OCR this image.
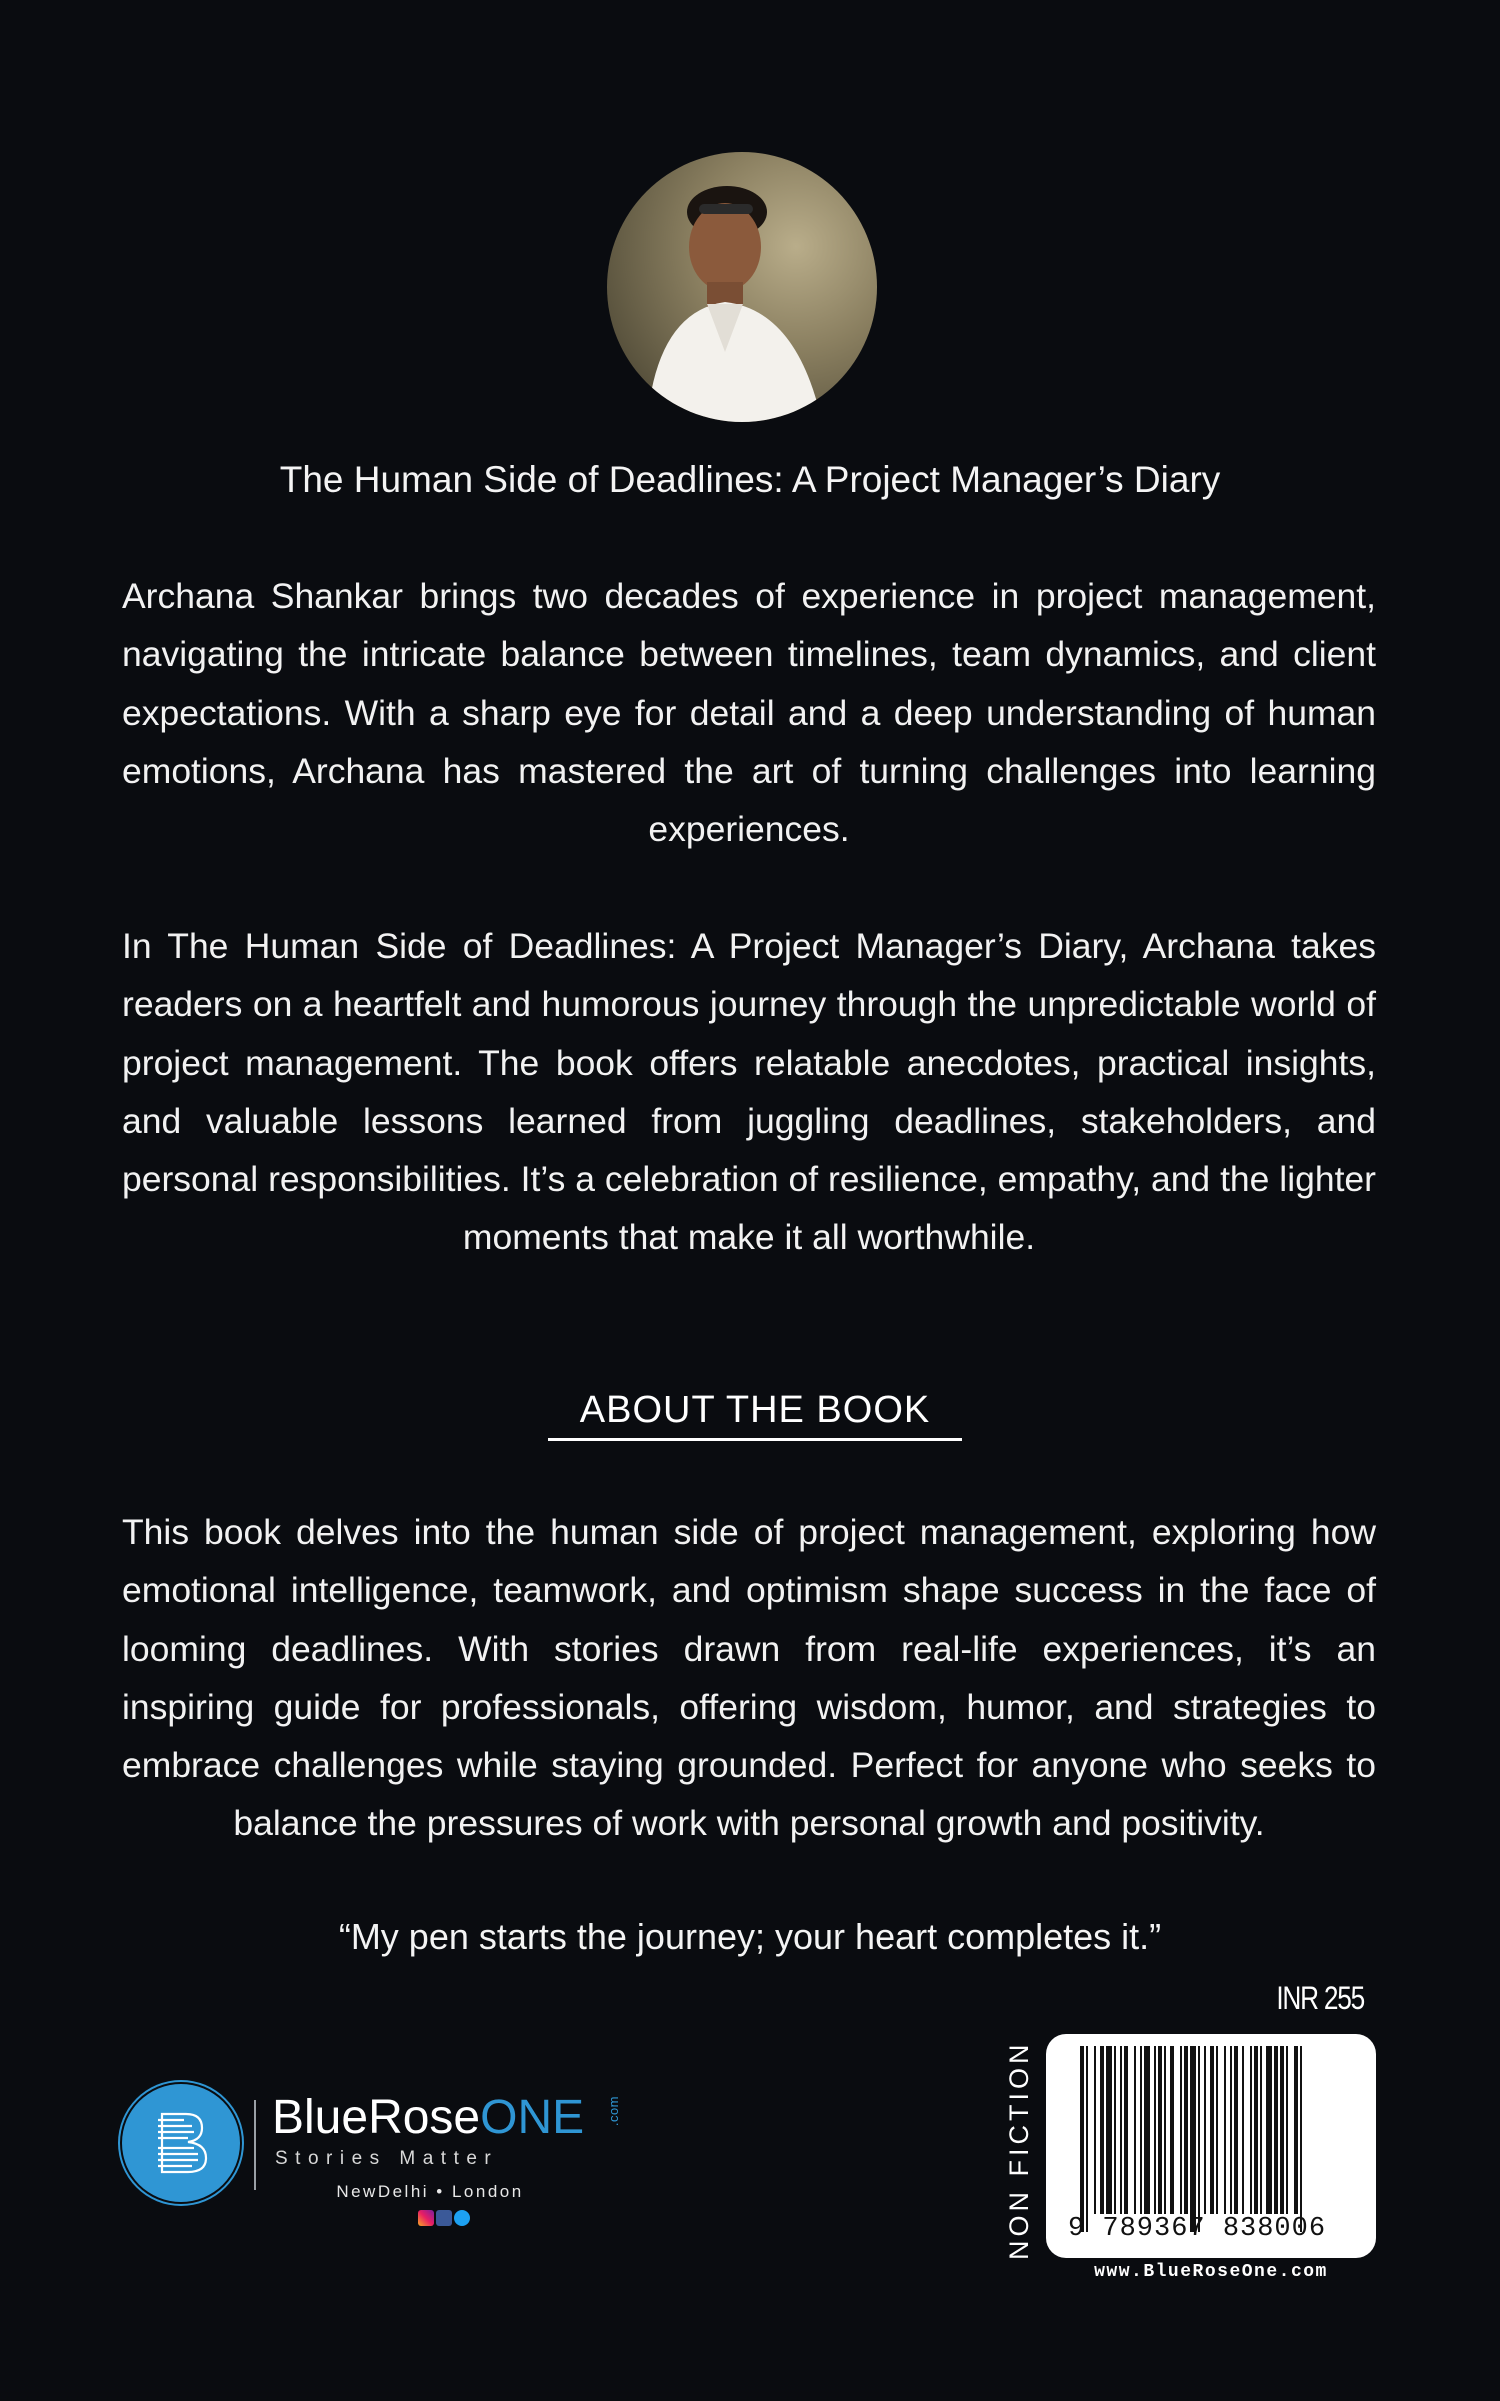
The Human Side of Deadlines: A Project Manager’s Diary
Archana Shankar brings two decades of experience in project management, navigating the intricate balance between timelines, team dynamics, and client expectations. With a sharp eye for detail and a deep understanding of human emotions, Archana has mastered the art of turning challenges into learning experiences.
In The Human Side of Deadlines: A Project Manager’s Diary, Archana takes readers on a heartfelt and humorous journey through the unpredictable world of project management. The book offers relatable anecdotes, practical insights, and valuable lessons learned from juggling deadlines, stakeholders, and personal responsibilities. It’s a celebration of resilience, empathy, and the lighter moments that make it all worthwhile.
ABOUT THE BOOK
This book delves into the human side of project management, exploring how emotional intelligence, teamwork, and optimism shape success in the face of looming deadlines. With stories drawn from real-life experiences, it’s an inspiring guide for professionals, offering wisdom, humor, and strategies to embrace challenges while staying grounded. Perfect for anyone who seeks to balance the pressures of work with personal growth and positivity.
“My pen starts the journey; your heart completes it.”
INR 255
BlueRoseONE .com
Stories Matter
NewDelhi • London	NON FICTION 9 789367 838006
www.BlueRoseOne.com
